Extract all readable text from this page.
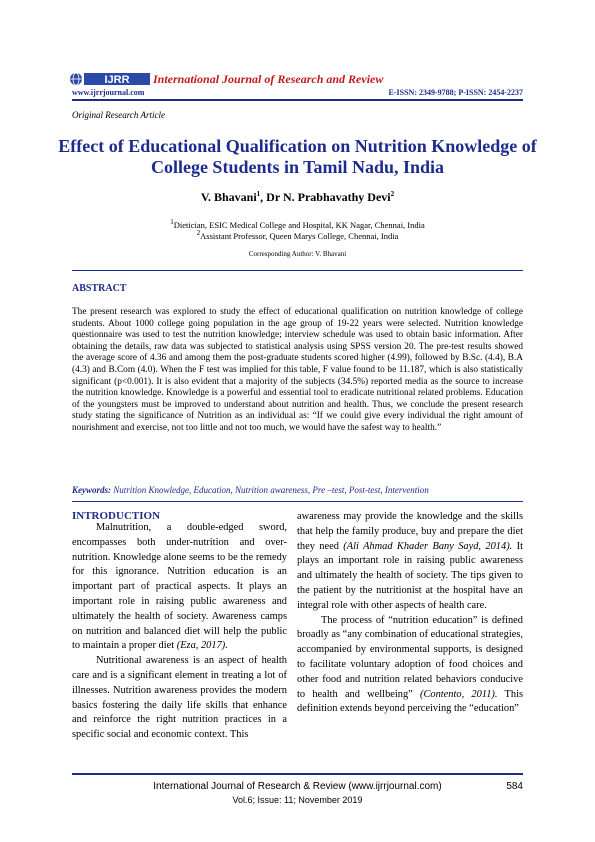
IJRR International Journal of Research and Review
www.ijrrjournal.com	E-ISSN: 2349-9788; P-ISSN: 2454-2237
Original Research Article
Effect of Educational Qualification on Nutrition Knowledge of College Students in Tamil Nadu, India
V. Bhavani$^1$, Dr N. Prabhavathy Devi$^2$
$^1$Dietician, ESIC Medical College and Hospital, KK Nagar, Chennai, India
$^2$Assistant Professor, Queen Marys College, Chennai, India
Corresponding Author: V. Bhavani
ABSTRACT
The present research was explored to study the effect of educational qualification on nutrition knowledge of college students. About 1000 college going population in the age group of 19-22 years were selected. Nutrition knowledge questionnaire was used to test the nutrition knowledge; interview schedule was used to obtain basic information. After obtaining the details, raw data was subjected to statistical analysis using SPSS version 20. The pre-test results showed the average score of 4.36 and among them the post-graduate students scored higher (4.99), followed by B.Sc. (4.4), B.A (4.3) and B.Com (4.0). When the F test was implied for this table, F value found to be 11.187, which is also statistically significant (p<0.001). It is also evident that a majority of the subjects (34.5%) reported media as the source to increase the nutrition knowledge. Knowledge is a powerful and essential tool to eradicate nutritional related problems. Education of the youngsters must be improved to understand about nutrition and health. Thus, we conclude the present research study stating the significance of Nutrition as an individual as: “If we could give every individual the right amount of nourishment and exercise, not too little and not too much, we would have the safest way to health.”
Keywords: Nutrition Knowledge, Education, Nutrition awareness, Pre –test, Post-test, Intervention
INTRODUCTION

Malnutrition, a double-edged sword, encompasses both under-nutrition and over-nutrition. Knowledge alone seems to be the remedy for this ignorance. Nutrition education is an important part of practical aspects. It plays an important role in raising public awareness and ultimately the health of society. Awareness camps on nutrition and balanced diet will help the public to maintain a proper diet (Eza, 2017).

Nutritional awareness is an aspect of health care and is a significant element in treating a lot of illnesses. Nutrition awareness provides the modern basics fostering the daily life skills that enhance and reinforce the right nutrition practices in a specific social and economic context. This

awareness may provide the knowledge and the skills that help the family produce, buy and prepare the diet they need (Ali Ahmad Khader Bany Sayd, 2014). It plays an important role in raising public awareness and ultimately the health of society. The tips given to the patient by the nutritionist at the hospital have an integral role with other aspects of health care.

The process of “nutrition education” is defined broadly as “any combination of educational strategies, accompanied by environmental supports, is designed to facilitate voluntary adoption of food choices and other food and nutrition related behaviors conducive to health and wellbeing” (Contento, 2011). This definition extends beyond perceiving the “education”

International Journal of Research & Review (www.ijrrjournal.com)
Vol.6; Issue: 11; November 2019
584
